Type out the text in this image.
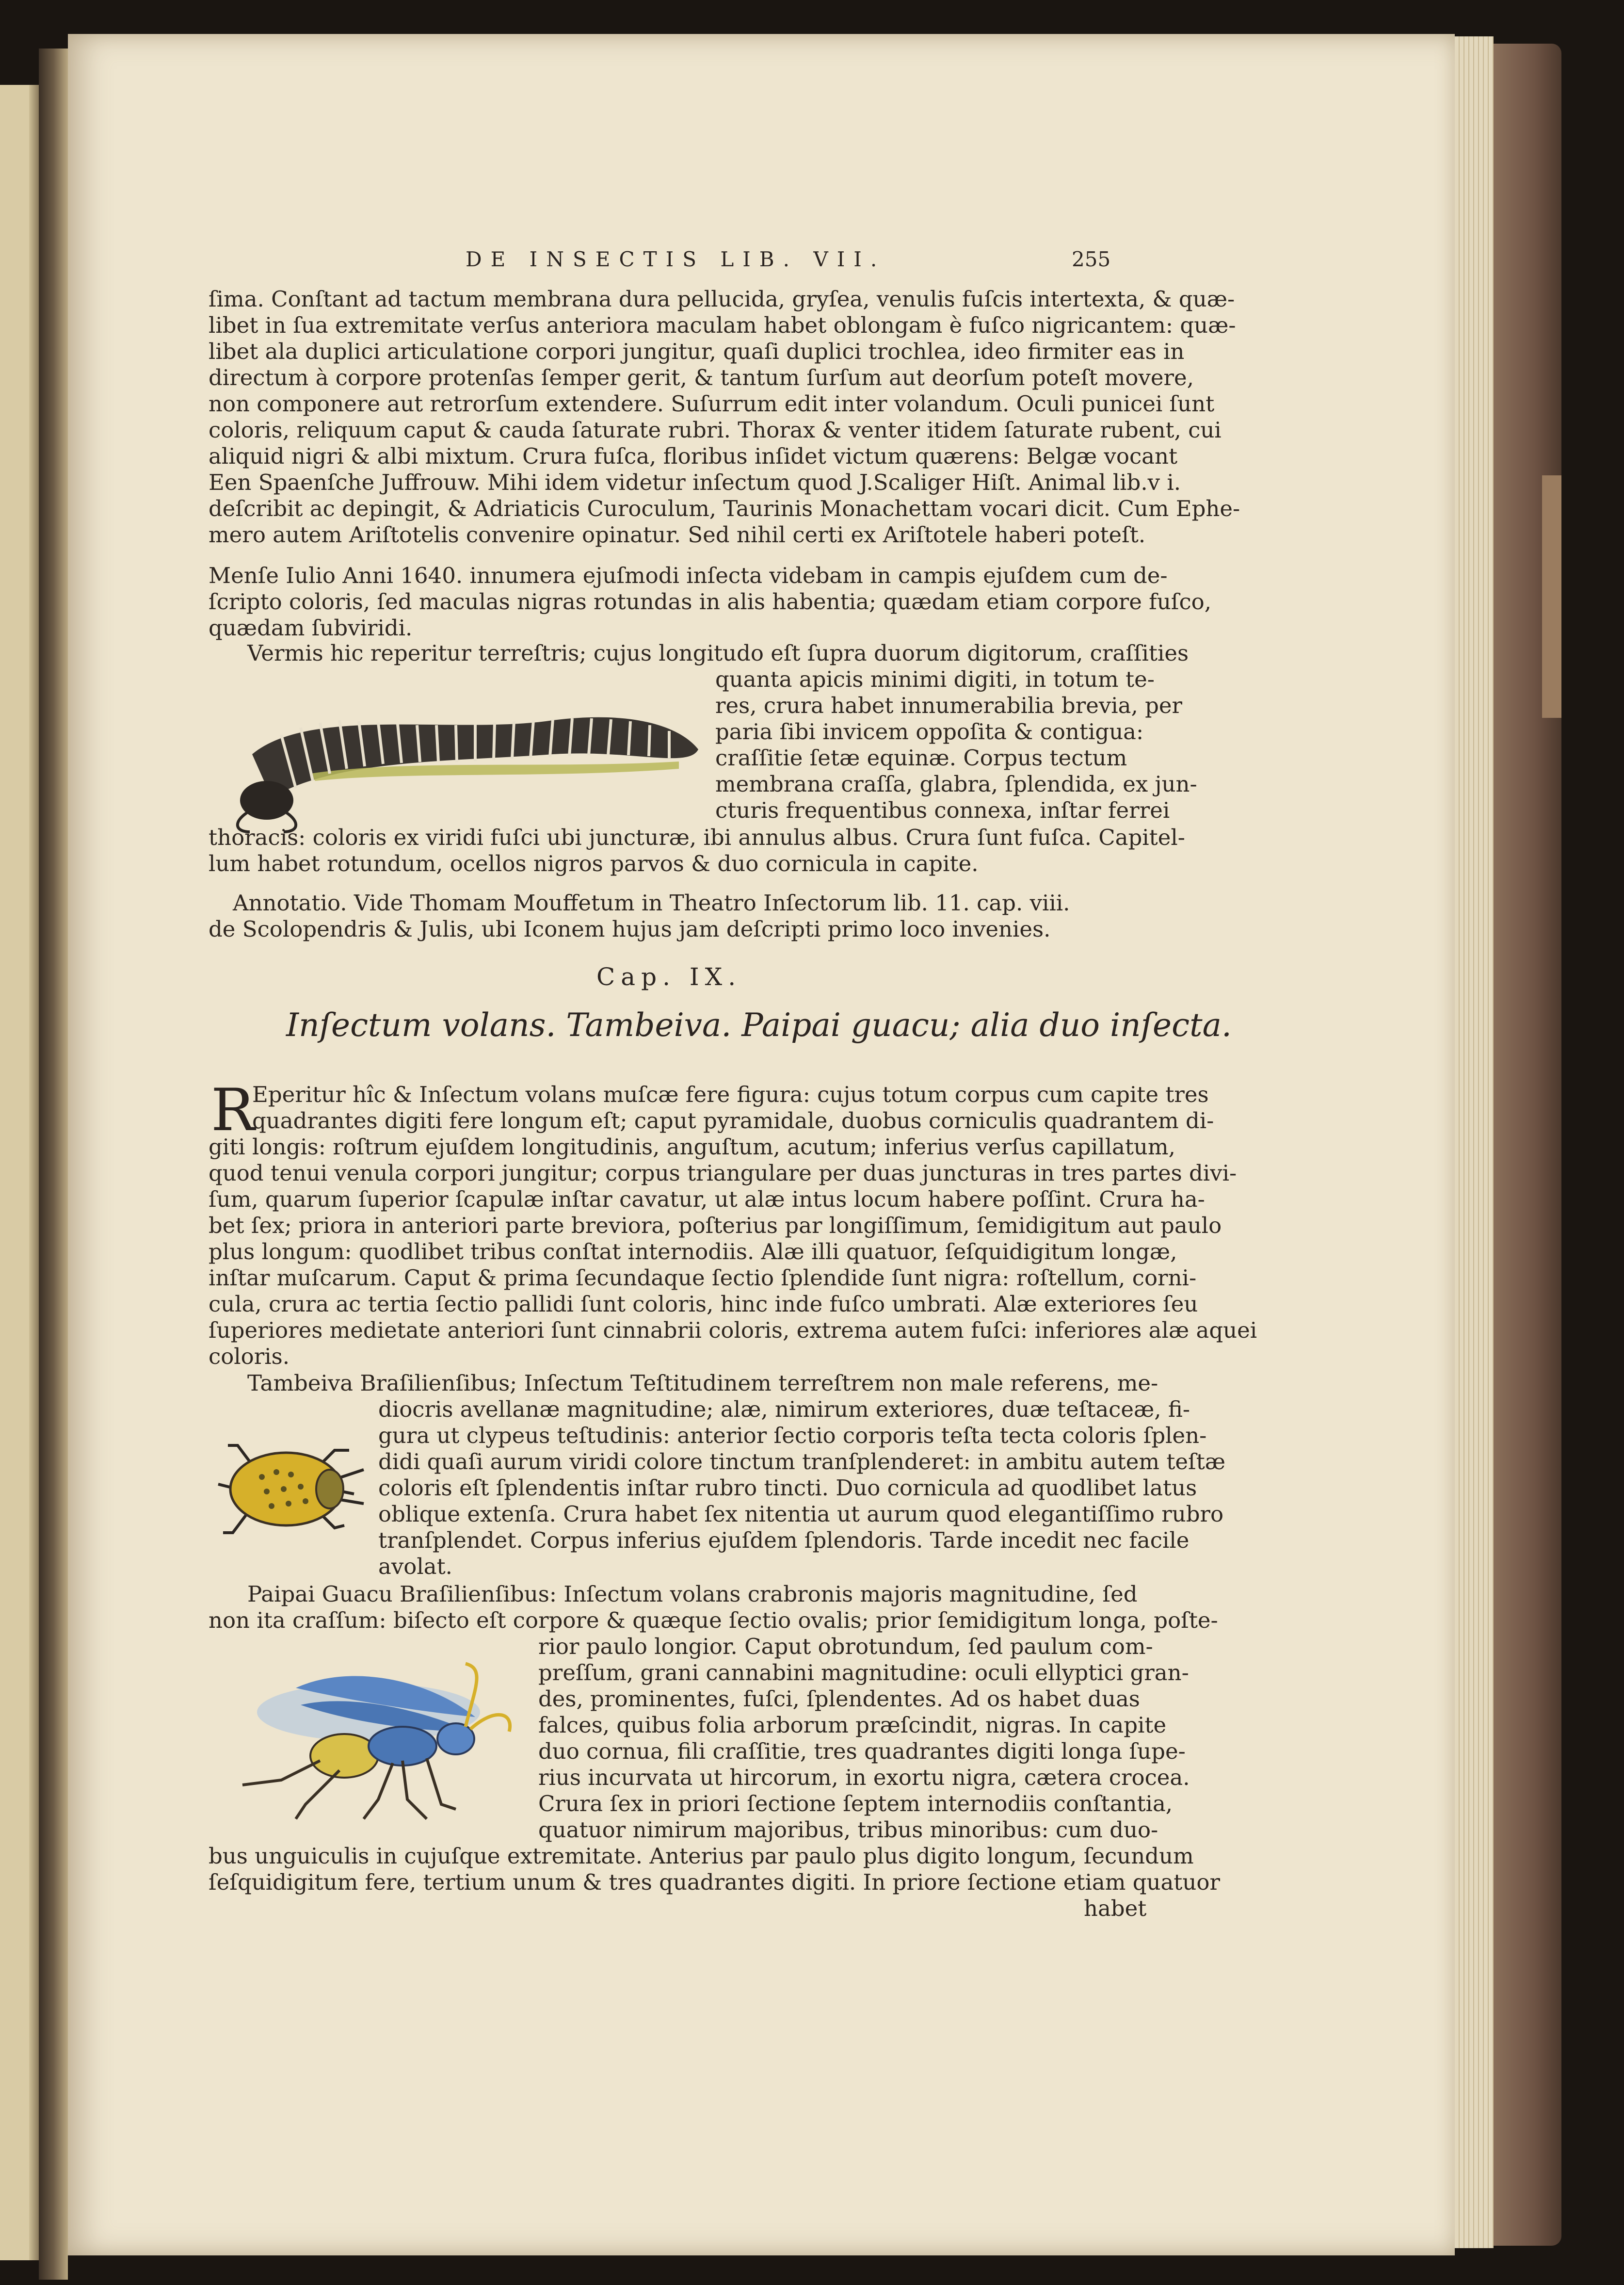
DE INSECTIS LIB. VII.	255
ſima. Conſtant ad tactum membrana dura pellucida, gryſea, venulis fuſcis intertexta, & quæ-
libet in ſua extremitate verſus anteriora maculam habet oblongam è fuſco nigricantem: quæ-
libet ala duplici articulatione corpori jungitur, quaſi duplici trochlea, ideo firmiter eas in
directum à corpore protenſas ſemper gerit, & tantum ſurſum aut deorſum poteſt movere,
non componere aut retrorſum extendere. Suſurrum edit inter volandum. Oculi punicei ſunt
coloris, reliquum caput & cauda ſaturate rubri. Thorax & venter itidem ſaturate rubent, cui
aliquid nigri & albi mixtum. Crura fuſca, floribus inſidet victum quærens: Belgæ vocant
Een Spaenſche Juffrouw. Mihi idem videtur inſectum quod J.Scaliger Hiſt. Animal lib.v i.
deſcribit ac depingit, & Adriaticis Curoculum, Taurinis Monachettam vocari dicit. Cum Ephe-
mero autem Ariſtotelis convenire opinatur. Sed nihil certi ex Ariſtotele haberi poteſt.
Menſe Iulio Anni 1640. innumera ejuſmodi inſecta videbam in campis ejuſdem cum de-
ſcripto coloris, ſed maculas nigras rotundas in alis habentia; quædam etiam corpore fuſco,
quædam ſubviridi.
Vermis hic reperitur terreſtris; cujus longitudo eſt ſupra duorum digitorum, craſſities
quanta apicis minimi digiti, in totum te-
res, crura habet innumerabilia brevia, per
paria ſibi invicem oppoſita & contigua:
craſſitie ſetæ equinæ. Corpus tectum
membrana craſſa, glabra, ſplendida, ex jun-
cturis frequentibus connexa, inſtar ferrei
thoracis: coloris ex viridi fuſci ubi juncturæ, ibi annulus albus. Crura ſunt fuſca. Capitel-
lum habet rotundum, ocellos nigros parvos & duo cornicula in capite.
Annotatio. Vide Thomam Mouffetum in Theatro Inſectorum lib. 11. cap. viii.
de Scolopendris & Julis, ubi Iconem hujus jam deſcripti primo loco invenies.
Cap. IX.
Inſectum volans. Tambeiva. Paipai guacu; alia duo inſecta.
R
Eperitur hîc & Inſectum volans muſcæ fere figura: cujus totum corpus cum capite tres
quadrantes digiti fere longum eſt; caput pyramidale, duobus corniculis quadrantem di-
giti longis: roſtrum ejuſdem longitudinis, anguſtum, acutum; inferius verſus capillatum,
quod tenui venula corpori jungitur; corpus triangulare per duas juncturas in tres partes divi-
ſum, quarum ſuperior ſcapulæ inſtar cavatur, ut alæ intus locum habere poſſint. Crura ha-
bet ſex; priora in anteriori parte breviora, poſterius par longiſſimum, ſemidigitum aut paulo
plus longum: quodlibet tribus conſtat internodiis. Alæ illi quatuor, ſeſquidigitum longæ,
inſtar muſcarum. Caput & prima ſecundaque ſectio ſplendide ſunt nigra: roſtellum, corni-
cula, crura ac tertia ſectio pallidi ſunt coloris, hinc inde fuſco umbrati. Alæ exteriores ſeu
ſuperiores medietate anteriori ſunt cinnabrii coloris, extrema autem fuſci: inferiores alæ aquei
coloris.
Tambeiva Braſilienſibus; Inſectum Teſtitudinem terreſtrem non male referens, me-
diocris avellanæ magnitudine; alæ, nimirum exteriores, duæ teſtaceæ, fi-
gura ut clypeus teſtudinis: anterior ſectio corporis teſta tecta coloris ſplen-
didi quaſi aurum viridi colore tinctum tranſplenderet: in ambitu autem teſtæ
coloris eſt ſplendentis inſtar rubro tincti. Duo cornicula ad quodlibet latus
oblique extenſa. Crura habet ſex nitentia ut aurum quod elegantiſſimo rubro
tranſplendet. Corpus inferius ejuſdem ſplendoris. Tarde incedit nec facile
avolat.
Paipai Guacu Braſilienſibus: Inſectum volans crabronis majoris magnitudine, ſed
non ita craſſum: biſecto eſt corpore & quæque ſectio ovalis; prior ſemidigitum longa, poſte-
rior paulo longior. Caput obrotundum, ſed paulum com-
preſſum, grani cannabini magnitudine: oculi ellyptici gran-
des, prominentes, fuſci, ſplendentes. Ad os habet duas
falces, quibus folia arborum præſcindit, nigras. In capite
duo cornua, fili craſſitie, tres quadrantes digiti longa ſupe-
rius incurvata ut hircorum, in exortu nigra, cætera crocea.
Crura ſex in priori ſectione ſeptem internodiis conſtantia,
quatuor nimirum majoribus, tribus minoribus: cum duo-
bus unguiculis in cujuſque extremitate. Anterius par paulo plus digito longum, ſecundum
ſeſquidigitum fere, tertium unum & tres quadrantes digiti. In priore ſectione etiam quatuor
habet
